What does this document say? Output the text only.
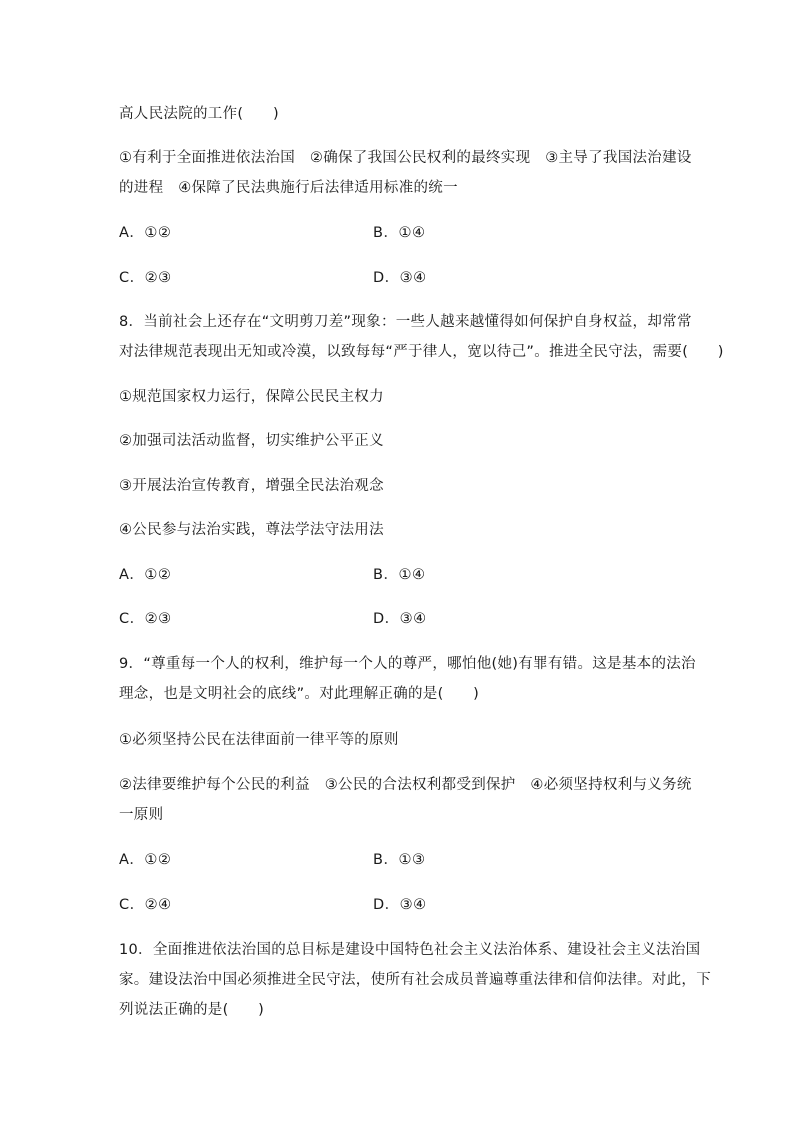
高人民法院的工作(　　)
①有利于全面推进依法治国　②确保了我国公民权利的最终实现　③主导了我国法治建设
的进程　④保障了民法典施行后法律适用标准的统一
A．①②	B．①④
C．②③	D．③④
8．当前社会上还存在“文明剪刀差”现象：一些人越来越懂得如何保护自身权益，却常常
对法律规范表现出无知或冷漠，以致每每“严于律人，宽以待己”。推进全民守法，需要(　　)
①规范国家权力运行，保障公民民主权力
②加强司法活动监督，切实维护公平正义
③开展法治宣传教育，增强全民法治观念
④公民参与法治实践，尊法学法守法用法
A．①②	B．①④
C．②③	D．③④
9．“尊重每一个人的权利，维护每一个人的尊严，哪怕他(她)有罪有错。这是基本的法治
理念，也是文明社会的底线”。对此理解正确的是(　　)
①必须坚持公民在法律面前一律平等的原则
②法律要维护每个公民的利益　③公民的合法权利都受到保护　④必须坚持权利与义务统
一原则
A．①②	B．①③
C．②④	D．③④
10．全面推进依法治国的总目标是建设中国特色社会主义法治体系、建设社会主义法治国
家。建设法治中国必须推进全民守法，使所有社会成员普遍尊重法律和信仰法律。对此，下
列说法正确的是(　　)
